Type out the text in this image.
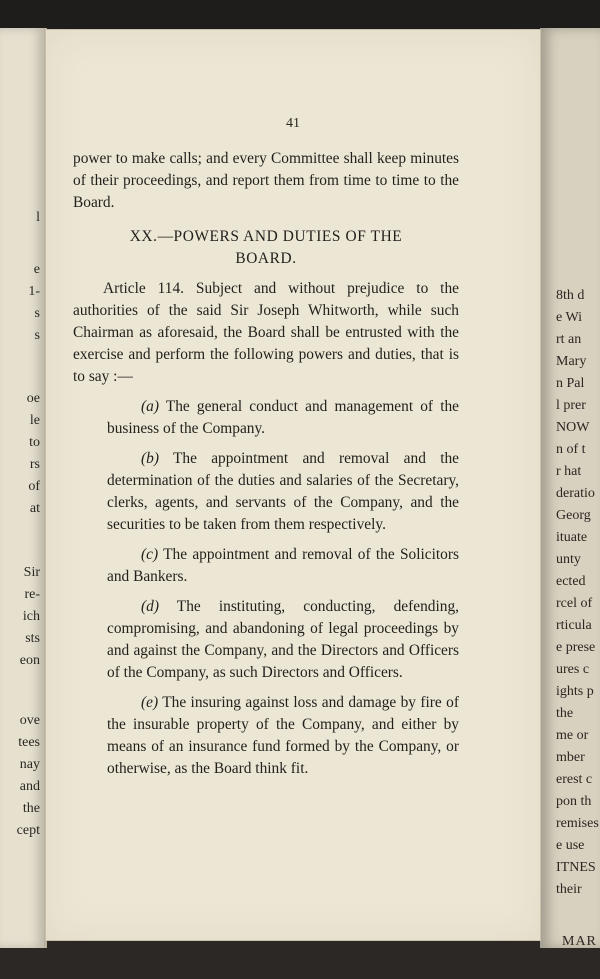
l
e
1-
s
s
oe
le
to
rs
of
at
Sir
re-
ich
sts
eon
ove
tees
nay
and
the
cept
8th d
e Wi
rt an
Mary
n Pal
l prer
NOW
n of t
r hat
deratio
Georg
ituate
unty
ected
rcel of
rticula
e prese
ures c
ights p
the
me or
mber
erest c
pon th
remises
e use
ITNES
their
MAR
41

power to make calls; and every Committee shall keep minutes of their proceedings, and report them from time to time to the Board.

XX.—POWERS AND DUTIES OF THE

BOARD.

Article 114. Subject and without prejudice to the authorities of the said Sir Joseph Whitworth, while such Chairman as aforesaid, the Board shall be entrusted with the exercise and perform the following powers and duties, that is to say :—

(a) The general conduct and management of the business of the Company.

(b) The appointment and removal and the determination of the duties and salaries of the Secretary, clerks, agents, and servants of the Company, and the securities to be taken from them respectively.

(c) The appointment and removal of the Solicitors and Bankers.

(d) The instituting, conducting, defending, compromising, and abandoning of legal proceedings by and against the Company, and the Directors and Officers of the Company, as such Directors and Officers.

(e) The insuring against loss and damage by fire of the insurable property of the Company, and either by means of an insurance fund formed by the Company, or otherwise, as the Board think fit.
